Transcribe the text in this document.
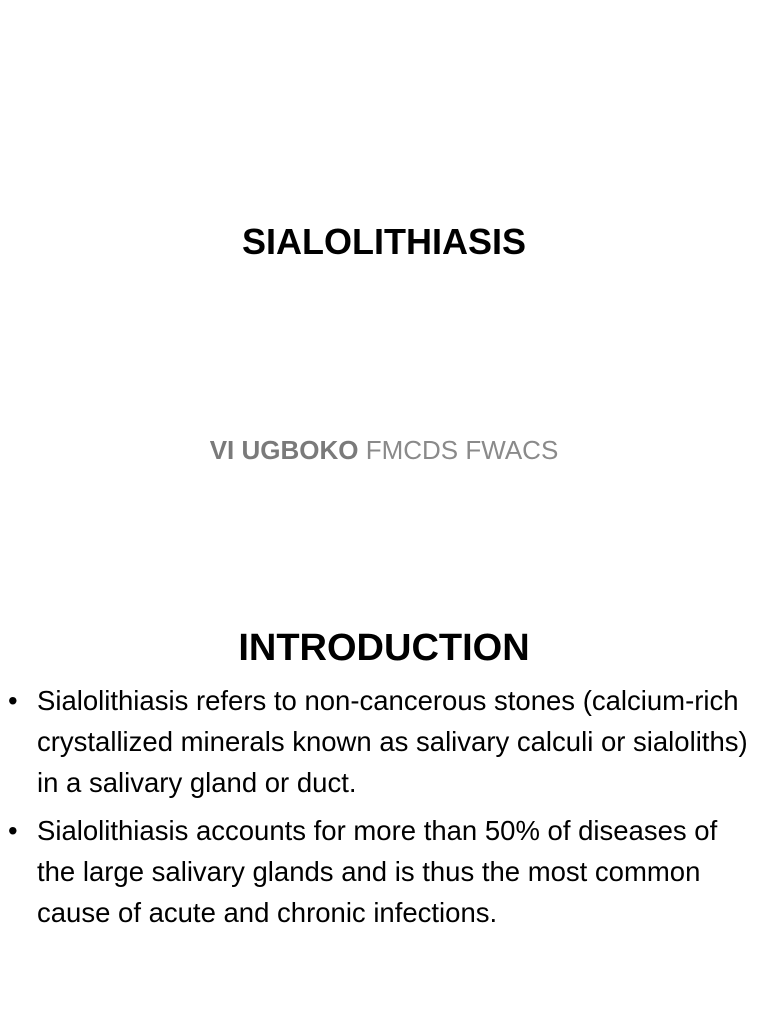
SIALOLITHIASIS

VI UGBOKO FMCDS FWACS

INTRODUCTION
• Sialolithiasis refers to non-cancerous stones (calcium-rich crystallized minerals known as salivary calculi or sialoliths) in a salivary gland or duct.
• Sialolithiasis accounts for more than 50% of diseases of the large salivary glands and is thus the most common cause of acute and chronic infections.
